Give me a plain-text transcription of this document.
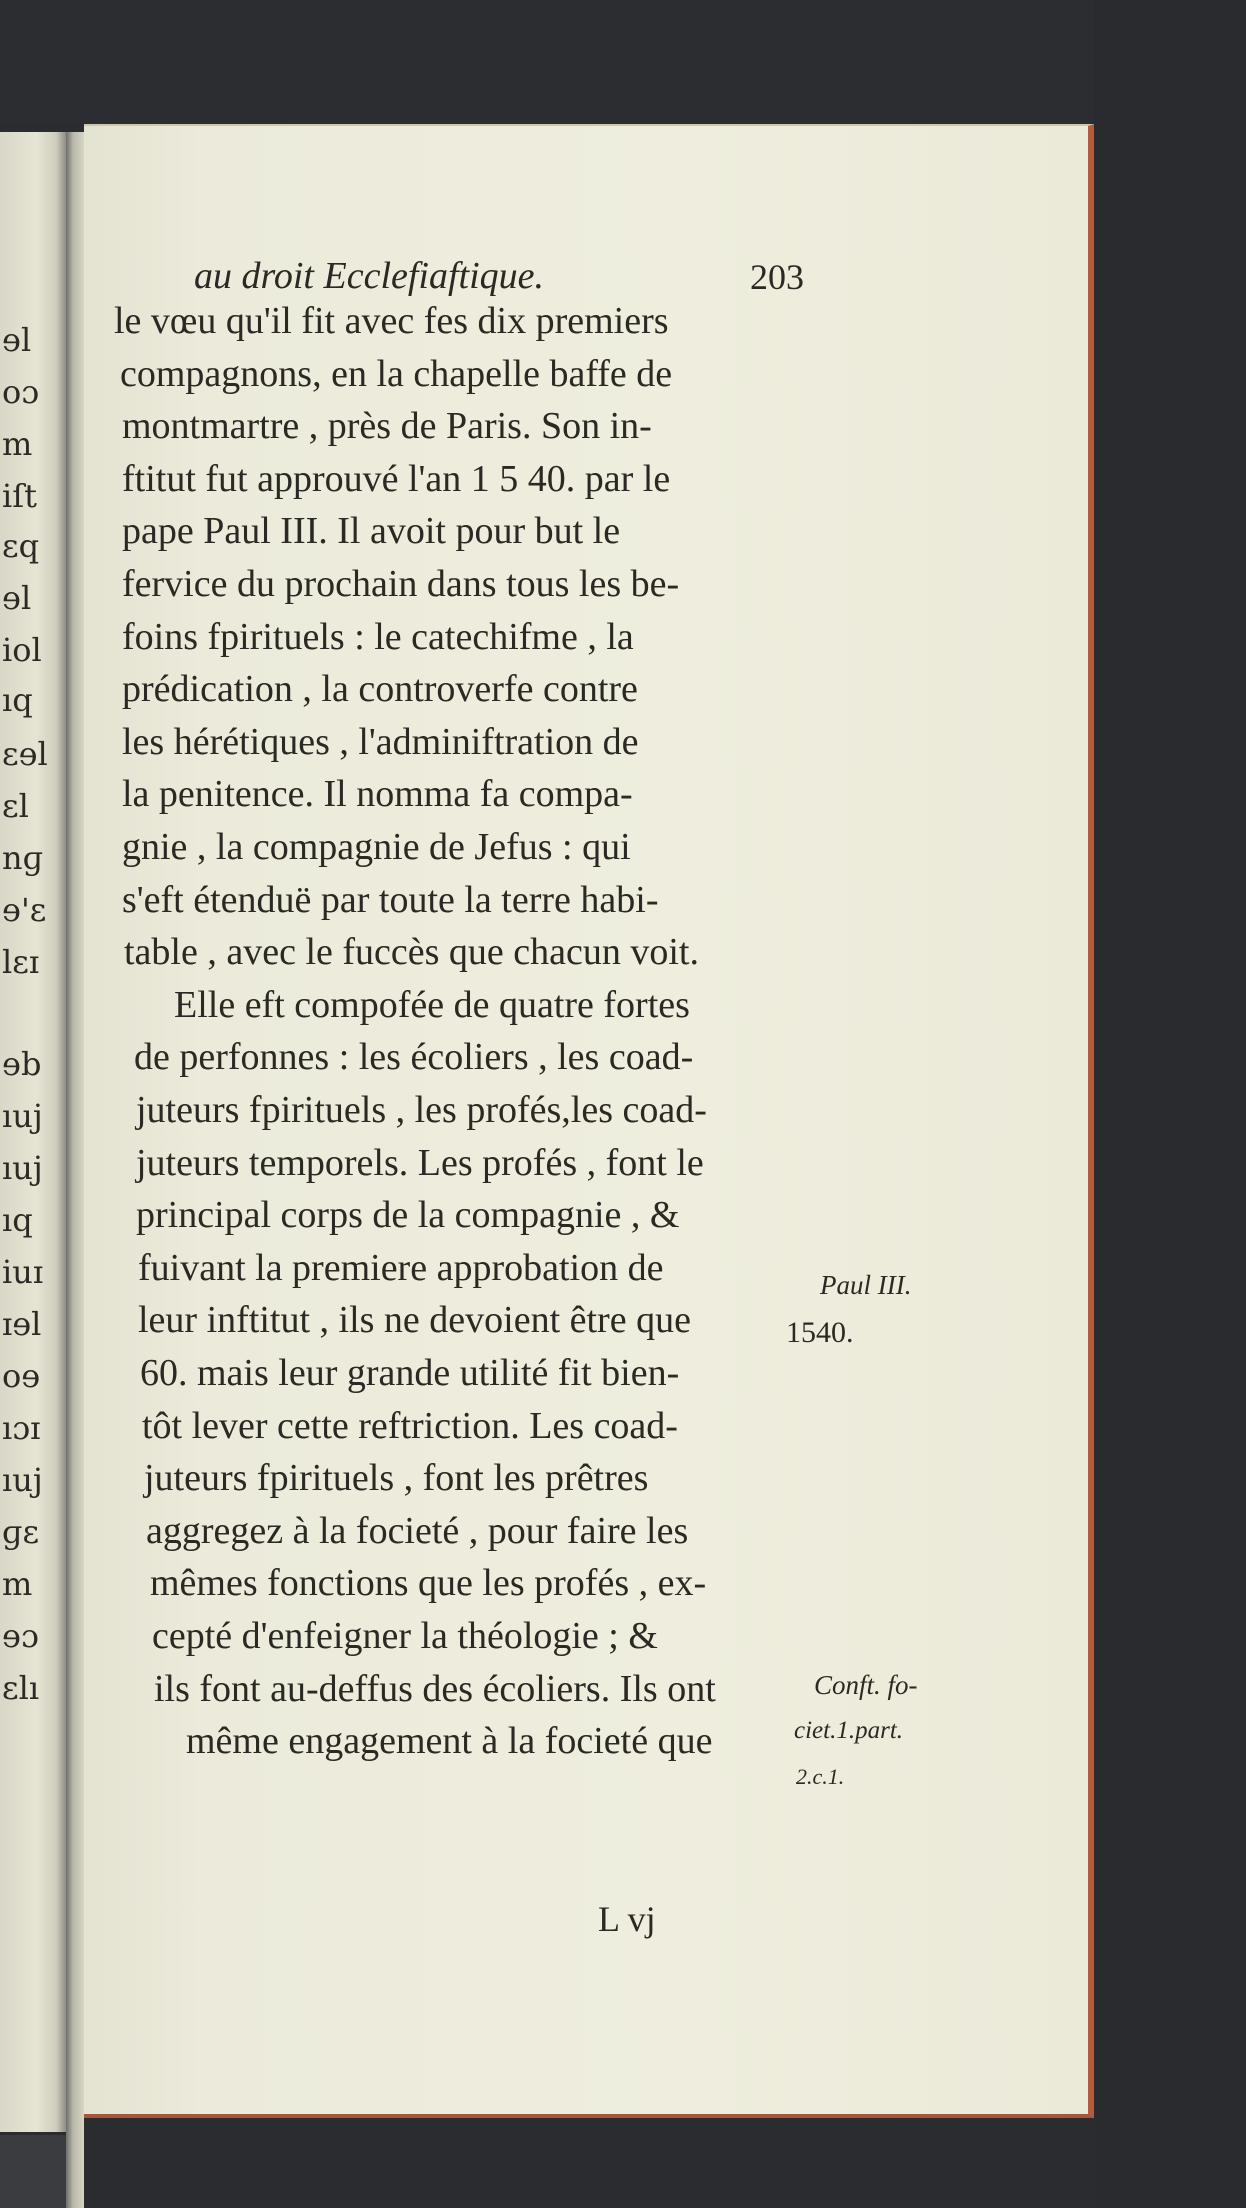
ɘl
oɔ
m
iſt
ɛq
ɘl
iol
ıq
ɛɘl
ɛl
nɡ
ɘ'ɛ
lɛɪ
ɘb
ıuj
ıuj
ıq
iuɪ
ɪɘl
oɘ
ıɔɪ
ıuj
ɡɛ
m
ɘɔ
ɛlı
au droit Ecclefiaftique.	203
le vœu qu'il fit avec fes dix premiers
compagnons, en la chapelle baffe de
montmartre , près de Paris. Son in-
ftitut fut approuvé l'an 1 5 40. par le
pape Paul III. Il avoit pour but le
fervice du prochain dans tous les be-
foins fpirituels : le catechifme , la
prédication , la controverfe contre
les hérétiques , l'adminiftration de
la penitence. Il nomma fa compa-
gnie , la compagnie de Jefus : qui
s'eft étenduë par toute la terre habi-
table , avec le fuccès que chacun voit.
Elle eft compofée de quatre fortes
de perfonnes : les écoliers , les coad-
juteurs fpirituels , les profés,les coad-
juteurs temporels. Les profés , font le
principal corps de la compagnie , &
fuivant la premiere approbation de
leur inftitut , ils ne devoient être que
60. mais leur grande utilité fit bien-
tôt lever cette reftriction. Les coad-
juteurs fpirituels , font les prêtres
aggregez à la focieté , pour faire les
mêmes fonctions que les profés , ex-
cepté d'enfeigner la théologie ; &
ils font au-deffus des écoliers. Ils ont
même engagement à la focieté que
Paul III.
1540.
Conft. fo-
ciet.1.part.
2.c.1.
L vj
